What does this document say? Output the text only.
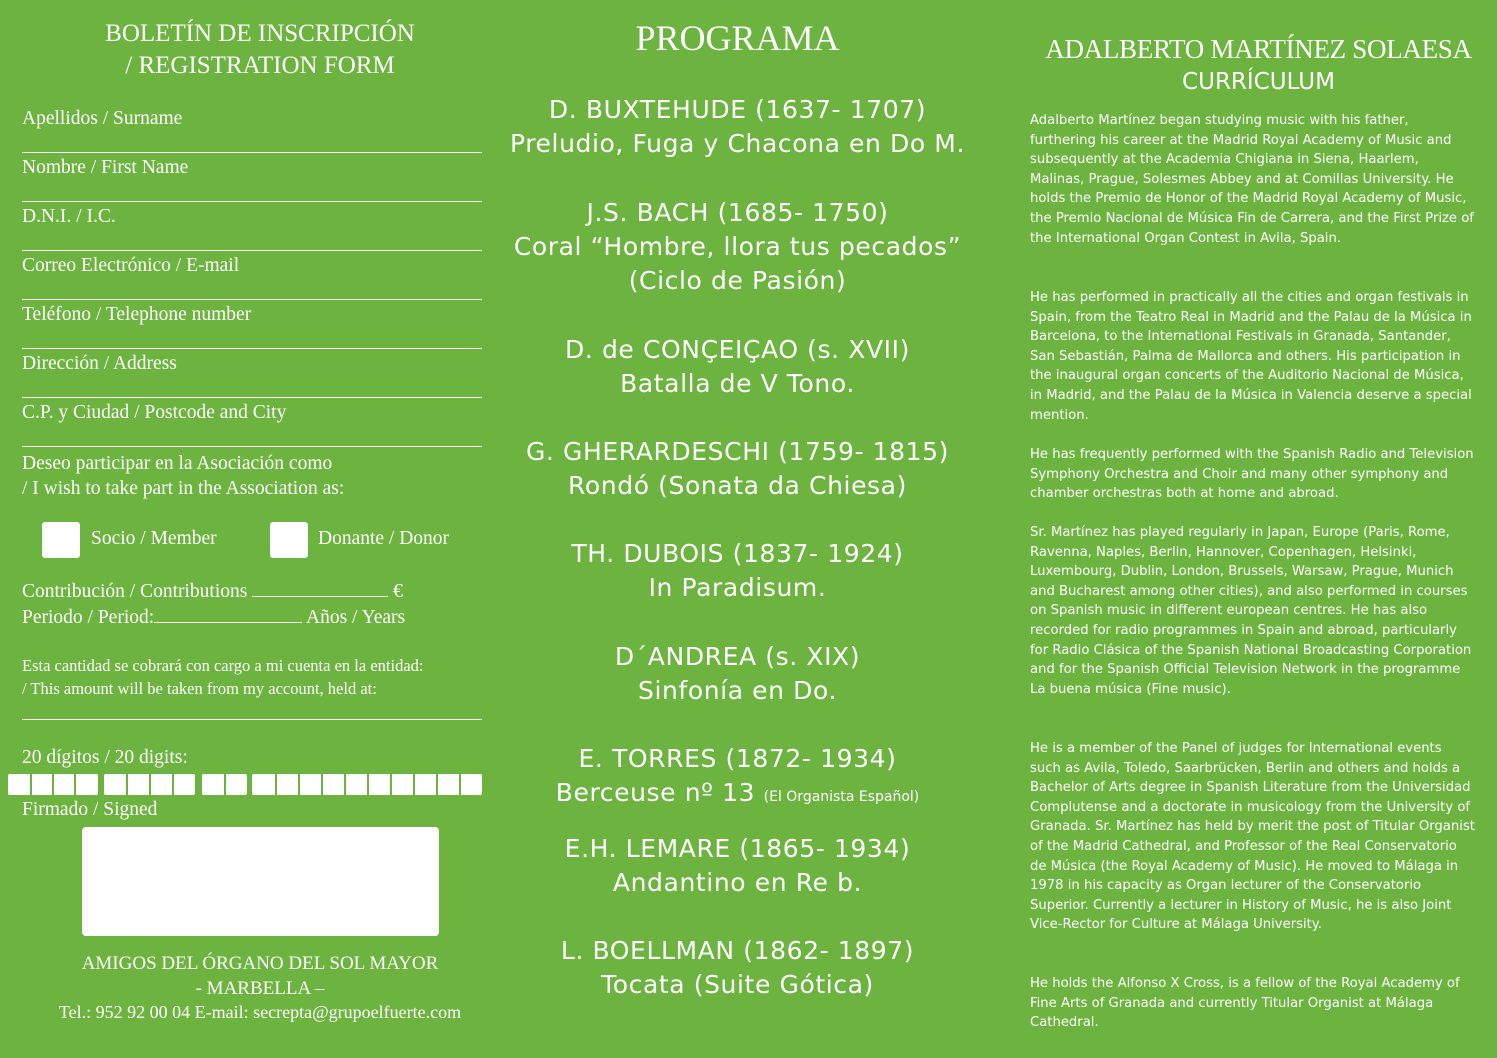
BOLETÍN DE INSCRIPCIÓN
/ REGISTRATION FORM
Apellidos / Surname
Nombre / First Name
D.N.I. / I.C.
Correo Electrónico / E-mail
Teléfono / Telephone number
Dirección / Address
C.P. y Ciudad / Postcode and City
Deseo participar en la Asociación como
/ I wish to take part in the Association as:
Socio / Member	Donante / Donor
Contribución / Contributions	€
Periodo / Period:	Años / Years
Esta cantidad se cobrará con cargo a mi cuenta en la entidad:
/ This amount will be taken from my account, held at:
20 dígitos / 20 digits:
Firmado / Signed
AMIGOS DEL ÓRGANO DEL SOL MAYOR
- MARBELLA –
Tel.: 952 92 00 04 E-mail: secrepta@grupoelfuerte.com
PROGRAMA
D. BUXTEHUDE (1637- 1707)
Preludio, Fuga y Chacona en Do M.
J.S. BACH (1685- 1750)
Coral “Hombre, llora tus pecados”
(Ciclo de Pasión)
D. de CONÇEIÇAO (s. XVII)
Batalla de V Tono.
G. GHERARDESCHI (1759- 1815)
Rondó (Sonata da Chiesa)
TH. DUBOIS (1837- 1924)
In Paradisum.
D´ANDREA (s. XIX)
Sinfonía en Do.
E. TORRES (1872- 1934)
Berceuse nº 13 (El Organista Español)
E.H. LEMARE (1865- 1934)
Andantino en Re b.
L. BOELLMAN (1862- 1897)
Tocata (Suite Gótica)
ADALBERTO MARTÍNEZ SOLAESA
CURRÍCULUM

Adalberto Martínez began studying music with his father, furthering his career at the Madrid Royal Academy of Music and subsequently at the Academia Chigiana in Siena, Haarlem, Malinas, Prague, Solesmes Abbey and at Comillas University. He holds the Premio de Honor of the Madrid Royal Academy of Music, the Premio Nacional de Música Fin de Carrera, and the First Prize of the International Organ Contest in Avila, Spain.

He has performed in practically all the cities and organ festivals in Spain, from the Teatro Real in Madrid and the Palau de la Música in Barcelona, to the International Festivals in Granada, Santander, San Sebastián, Palma de Mallorca and others. His participation in the inaugural organ concerts of the Auditorio Nacional de Música, in Madrid, and the Palau de la Música in Valencia deserve a special mention.

He has frequently performed with the Spanish Radio and Television Symphony Orchestra and Choir and many other symphony and chamber orchestras both at home and abroad.

Sr. Martínez has played regularly in Japan, Europe (Paris, Rome, Ravenna, Naples, Berlin, Hannover, Copenhagen, Helsinki, Luxembourg, Dublin, London, Brussels, Warsaw, Prague, Munich and Bucharest among other cities), and also performed in courses on Spanish music in different european centres. He has also recorded for radio programmes in Spain and abroad, particularly for Radio Clásica of the Spanish National Broadcasting Corporation and for the Spanish Official Television Network in the programme La buena música (Fine music).

He is a member of the Panel of judges for International events such as Avila, Toledo, Saarbrücken, Berlin and others and holds a Bachelor of Arts degree in Spanish Literature from the Universidad Complutense and a doctorate in musicology from the University of Granada. Sr. Martínez has held by merit the post of Titular Organist of the Madrid Cathedral, and Professor of the Real Conservatorio de Música (the Royal Academy of Music). He moved to Málaga in 1978 in his capacity as Organ lecturer of the Conservatorio Superior. Currently a lecturer in History of Music, he is also Joint Vice-Rector for Culture at Málaga University.

He holds the Alfonso X Cross, is a fellow of the Royal Academy of Fine Arts of Granada and currently Titular Organist at Málaga Cathedral.
